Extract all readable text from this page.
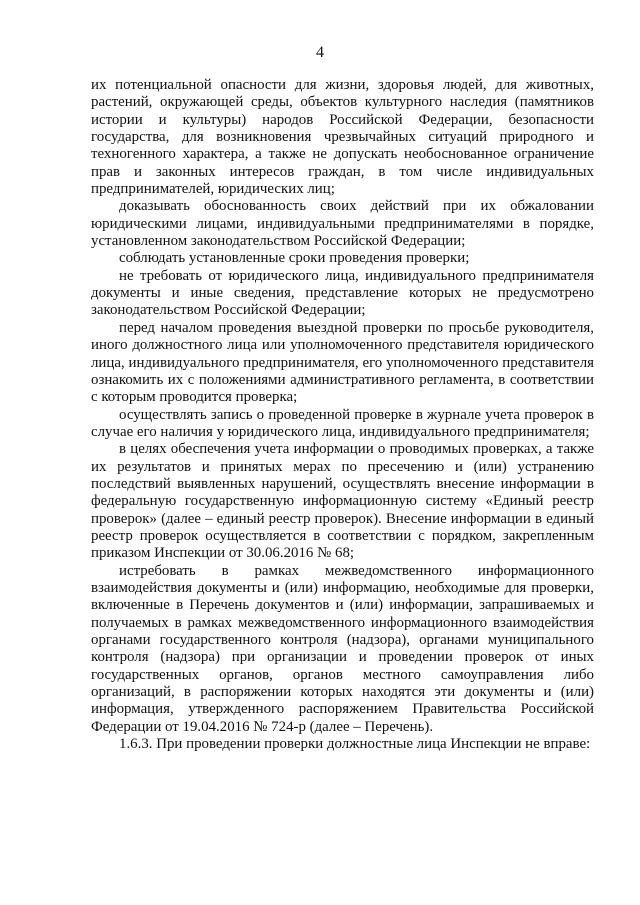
4

их потенциальной опасности для жизни, здоровья людей, для животных, растений, окружающей среды, объектов культурного наследия (памятников истории и культуры) народов Российской Федерации, безопасности государства, для возникновения чрезвычайных ситуаций природного и техногенного характера, а также не допускать необоснованное ограничение прав и законных интересов граждан, в том числе индивидуальных предпринимателей, юридических лиц;

доказывать обоснованность своих действий при их обжаловании юридическими лицами, индивидуальными предпринимателями в порядке, установленном законодательством Российской Федерации;

соблюдать установленные сроки проведения проверки;

не требовать от юридического лица, индивидуального предпринимателя документы и иные сведения, представление которых не предусмотрено законодательством Российской Федерации;

перед началом проведения выездной проверки по просьбе руководителя, иного должностного лица или уполномоченного представителя юридического лица, индивидуального предпринимателя, его уполномоченного представителя ознакомить их с положениями административного регламента, в соответствии с которым проводится проверка;

осуществлять запись о проведенной проверке в журнале учета проверок в случае его наличия у юридического лица, индивидуального предпринимателя;

в целях обеспечения учета информации о проводимых проверках, а также их результатов и принятых мерах по пресечению и (или) устранению последствий выявленных нарушений, осуществлять внесение информации в федеральную государственную информационную систему «Единый реестр проверок» (далее – единый реестр проверок). Внесение информации в единый реестр проверок осуществляется в соответствии с порядком, закрепленным приказом Инспекции от 30.06.2016 № 68;

истребовать в рамках межведомственного информационного взаимодействия документы и (или) информацию, необходимые для проверки, включенные в Перечень документов и (или) информации, запрашиваемых и получаемых в рамках межведомственного информационного взаимодействия органами государственного контроля (надзора), органами муниципального контроля (надзора) при организации и проведении проверок от иных государственных органов, органов местного самоуправления либо организаций, в распоряжении которых находятся эти документы и (или) информация, утвержденного распоряжением Правительства Российской Федерации от 19.04.2016 № 724-р (далее – Перечень).

1.6.3. При проведении проверки должностные лица Инспекции не вправе:
